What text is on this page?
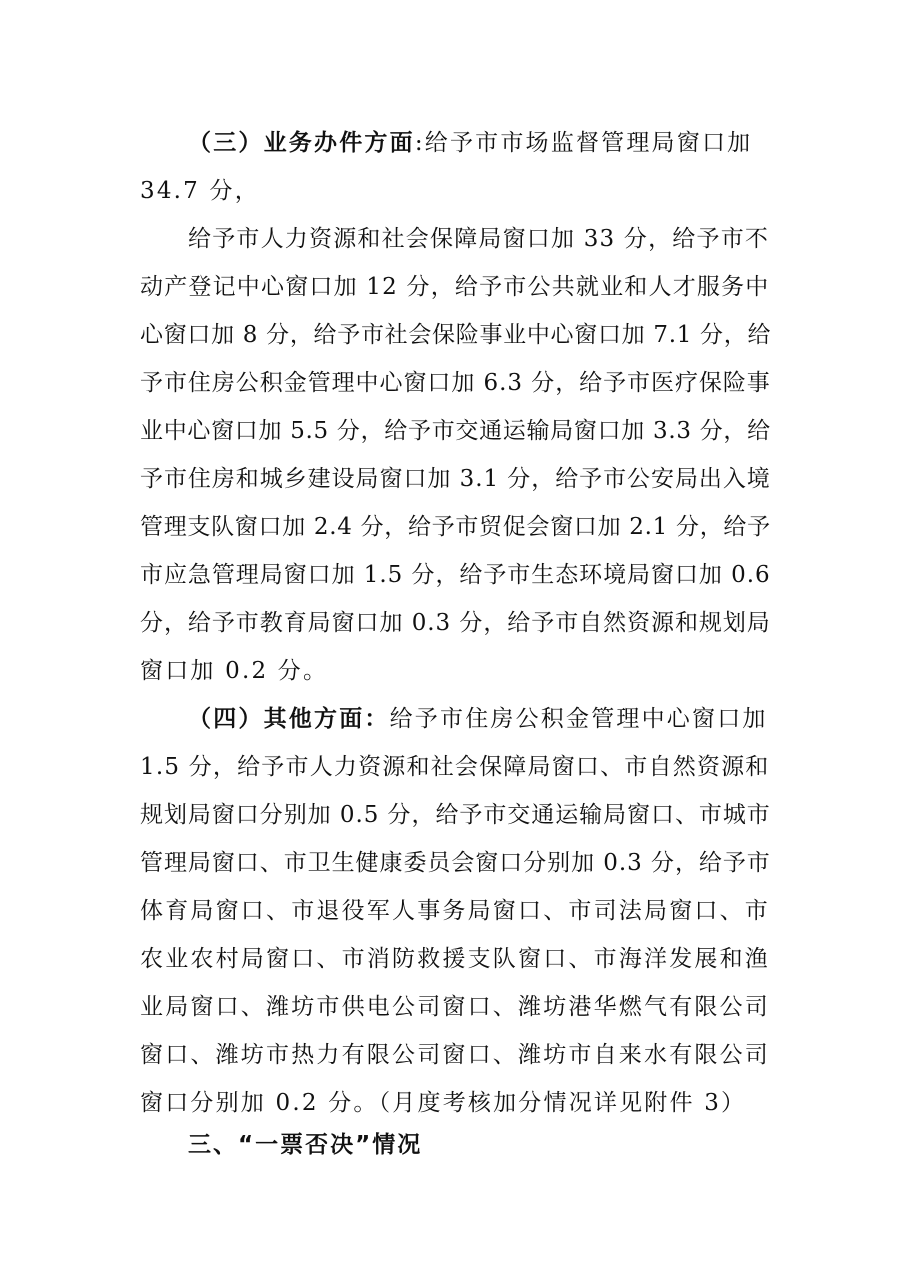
（三）业务办件方面:给予市市场监督管理局窗口加
34.7 分，
给予市人力资源和社会保障局窗口加 33 分，给予市不
动产登记中心窗口加 12 分，给予市公共就业和人才服务中
心窗口加 8 分，给予市社会保险事业中心窗口加 7.1 分，给
予市住房公积金管理中心窗口加 6.3 分，给予市医疗保险事
业中心窗口加 5.5 分，给予市交通运输局窗口加 3.3 分，给
予市住房和城乡建设局窗口加 3.1 分，给予市公安局出入境
管理支队窗口加 2.4 分，给予市贸促会窗口加 2.1 分，给予
市应急管理局窗口加 1.5 分，给予市生态环境局窗口加 0.6
分，给予市教育局窗口加 0.3 分，给予市自然资源和规划局
窗口加 0.2 分。
（四）其他方面：给予市住房公积金管理中心窗口加
1.5 分，给予市人力资源和社会保障局窗口、市自然资源和
规划局窗口分别加 0.5 分，给予市交通运输局窗口、市城市
管理局窗口、市卫生健康委员会窗口分别加 0.3 分，给予市
体育局窗口、市退役军人事务局窗口、市司法局窗口、市
农业农村局窗口、市消防救援支队窗口、市海洋发展和渔
业局窗口、潍坊市供电公司窗口、潍坊港华燃气有限公司
窗口、潍坊市热力有限公司窗口、潍坊市自来水有限公司
窗口分别加 0.2 分。（月度考核加分情况详见附件 3）
三、“一票否决”情况
